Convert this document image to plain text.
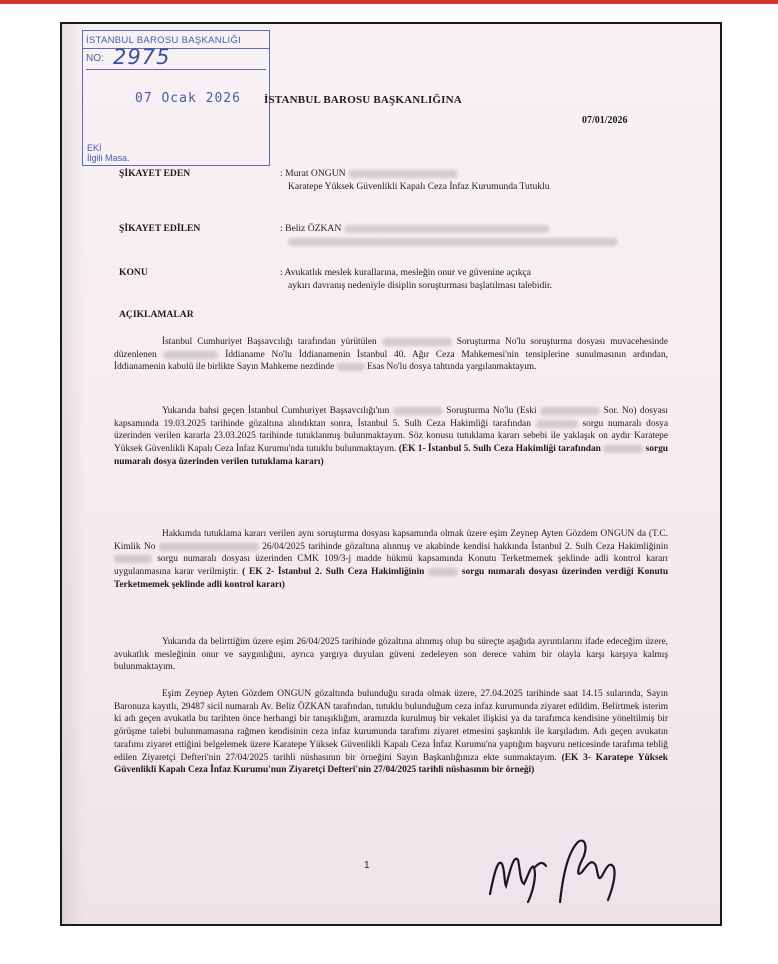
İSTANBUL BAROSU BAŞKANLIĞI
NO: 2975
07 Ocak 2026
EKİ
İlgili Masa.
İSTANBUL BAROSU BAŞKANLIĞINA
07/01/2026
ŞİKAYET EDEN	: Murat ONGUN
Karatepe Yüksek Güvenlikli Kapalı Ceza İnfaz Kurumunda Tutuklu
ŞİKAYET EDİLEN	: Beliz ÖZKAN
KONU	: Avukatlık meslek kurallarına, mesleğin onur ve güvenine açıkça
aykırı davranış nedeniyle disiplin soruşturması başlatılması talebidir.
AÇIKLAMALAR

İstanbul Cumhuriyet Başsavcılığı tarafından yürütülen	Soruşturma No'lu soruşturma dosyası muvacehesinde düzenlenen	İddianame No'lu İddianamenin İstanbul 40. Ağır Ceza Mahkemesi'nin tensiplerine sunulmasının ardından, İddianamenin kabulü ile birlikte Sayın Mahkeme nezdinde	Esas No'lu dosya tahtında yargılanmaktayım.

Yukarıda bahsi geçen İstanbul Cumhuriyet Başsavcılığı'nın	Soruşturma No'lu (Eski	Sor. No) dosyası kapsamında 19.03.2025 tarihinde gözaltına alındıktan sonra, İstanbul 5. Sulh Ceza Hakimliği tarafından	sorgu numaralı dosya üzerinden verilen kararla 23.03.2025 tarihinde tutuklanmış bulunmaktayım. Söz konusu tutuklama kararı sebebi ile yaklaşık on aydır Karatepe Yüksek Güvenlikli Kapalı Ceza İnfaz Kurumu'nda tutuklu bulunmaktayım. (EK 1- İstanbul 5. Sulh Ceza Hakimliği tarafından	sorgu numaralı dosya üzerinden verilen tutuklama kararı)

Hakkımda tutuklama kararı verilen aynı soruşturma dosyası kapsamında olmak üzere eşim Zeynep Ayten Gözdem ONGUN da (T.C. Kimlik No	26/04/2025 tarihinde gözaltına alınmış ve akabinde kendisi hakkında İstanbul 2. Sulh Ceza Hakimliğinin  sorgu numaralı dosyası üzerinden CMK 109/3-j madde hükmü kapsamında Konutu Terketmemek şeklinde adli kontrol kararı uygulanmasına karar verilmiştir. ( EK 2- İstanbul 2. Sulh Ceza Hakimliğinin	sorgu numaralı dosyası üzerinden verdiği Konutu Terketmemek şeklinde adli kontrol kararı)

Yukarıda da belirttiğim üzere eşim 26/04/2025 tarihinde gözaltına alınmış olup bu süreçte aşağıda ayrıntılarını ifade edeceğim üzere, avukatlık mesleğinin onur ve saygınlığını, ayrıca yargıya duyulan güveni zedeleyen son derece vahim bir olayla karşı karşıya kalmış bulunmaktayım.

Eşim Zeynep Ayten Gözdem ONGUN gözaltında bulunduğu sırada olmak üzere, 27.04.2025 tarihinde saat 14.15 sularında, Sayın Baronuza kayıtlı, 29487 sicil numaralı Av. Beliz ÖZKAN tarafından, tutuklu bulunduğum ceza infaz kurumunda ziyaret edildim. Belirtmek isterim ki adı geçen avukatla bu tarihten önce herhangi bir tanışıklığım, aramızda kurulmuş bir vekalet ilişkisi ya da tarafımca kendisine yöneltilmiş bir görüşme talebi bulunmamasına rağmen kendisinin ceza infaz kurumunda tarafımı ziyaret etmesini şaşkınlık ile karşıladım. Adı geçen avukatın tarafımı ziyaret ettiğini belgelemek üzere Karatepe Yüksek Güvenlikli Kapalı Ceza İnfaz Kurumu'na yaptığım başvuru neticesinde tarafıma tebliğ edilen Ziyaretçi Defteri'nin 27/04/2025 tarihli nüshasının bir örneğini Sayın Başkanlığınıza ekte sunmaktayım. (EK 3- Karatepe Yüksek Güvenlikli Kapalı Ceza İnfaz Kurumu'nun Ziyaretçi Defteri'nin 27/04/2025 tarihli nüshasının bir örneği)

1
